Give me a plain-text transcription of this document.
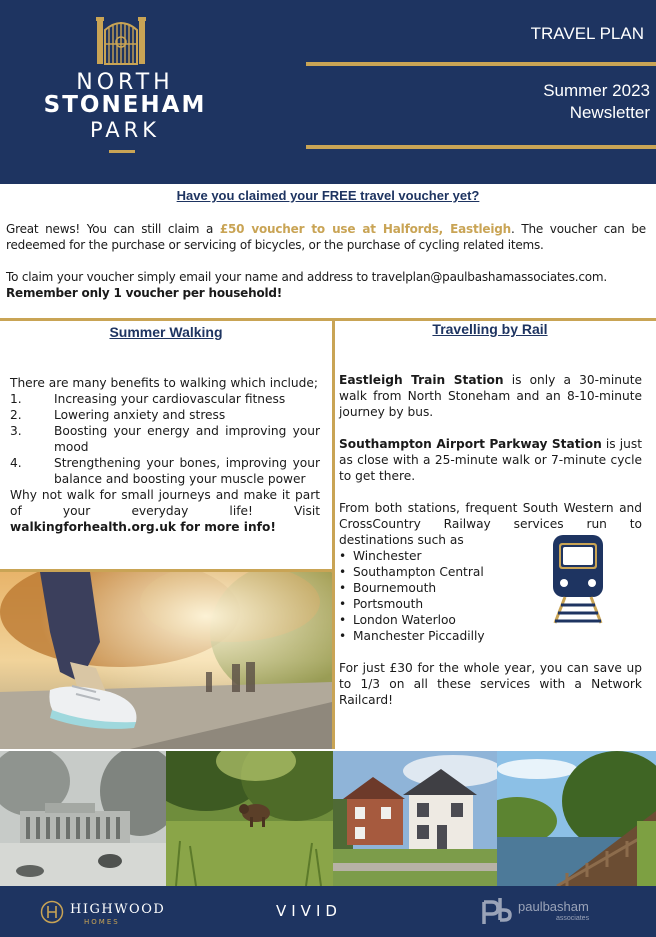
NORTH
STONEHAM
PARK
TRAVEL PLAN
Summer 2023
Newsletter
Have you claimed your FREE travel voucher yet?
Great news! You can still claim a £50 voucher to use at Halfords, Eastleigh. The voucher can be redeemed for the purchase or servicing of bicycles, or the purchase of cycling related items.
To claim your voucher simply email your name and address to travelplan@paulbashamassociates.com.
Remember only 1 voucher per household!
Summer Walking
There are many benefits to walking which include;
1.	Increasing your cardiovascular fitness
2.	Lowering anxiety and stress
3.	Boosting your energy and improving your mood
4.	Strengthening your bones, improving your balance and boosting your muscle power
Why not walk for small journeys and make it part of your everyday life! Visit walkingforhealth.org.uk for more info!
Travelling by Rail
Eastleigh Train Station is only a 30-minute walk from North Stoneham and an 8-10-minute journey by bus.
Southampton Airport Parkway Station is just as close with a 25-minute walk or 7-minute cycle to get there.
From both stations, frequent South Western and CrossCountry Railway services run to destinations such as
• Winchester
• Southampton Central
• Bournemouth
• Portsmouth
• London Waterloo
• Manchester Piccadilly
For just £30 for the whole year, you can save up to 1/3 on all these services with a Network Railcard!
HIGHWOOD
HOMES
VIVID	paulbasham
associates
